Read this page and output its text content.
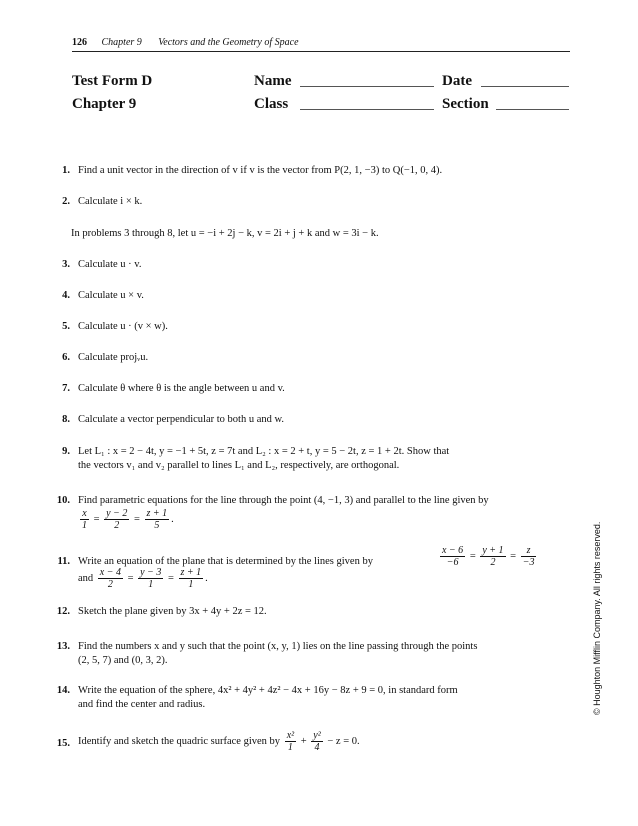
126 Chapter 9 Vectors and the Geometry of Space
Test Form D
Chapter 9
Name	Date
Class	Section
1. Find a unit vector in the direction of v if v is the vector from P(2, 1, −3) to Q(−1, 0, 4).
2. Calculate i × k.
In problems 3 through 8, let u = −i + 2j − k, v = 2i + j + k and w = 3i − k.
3. Calculate u · v.
4. Calculate u × v.
5. Calculate u · (v × w).
6. Calculate projᵥu.
7. Calculate θ where θ is the angle between u and v.
8. Calculate a vector perpendicular to both u and w.
9. Let L₁ : x = 2 − 4t, y = −1 + 5t, z = 7t and L₂ : x = 2 + t, y = 5 − 2t, z = 1 + 2t. Show that
the vectors v₁ and v₂ parallel to lines L₁ and L₂, respectively, are orthogonal.
10. Find parametric equations for the line through the point (4, −1, 3) and parallel to the line given by
$\frac{x}{1} = \frac{y - 2}{2} = \frac{z + 1}{5}$ .
11. Write an equation of the plane that is determined by the lines given by	$\frac{x - 6}{-6} = \frac{y + 1}{2} = \frac{z}{-3}$
and $\frac{x - 4}{2} = \frac{y - 3}{1} = \frac{z + 1}{1}$ .
12. Sketch the plane given by 3x + 4y + 2z = 12.
13. Find the numbers x and y such that the point (x, y, 1) lies on the line passing through the points
(2, 5, 7) and (0, 3, 2).
14. Write the equation of the sphere, 4x² + 4y² + 4z² − 4x + 16y − 8z + 9 = 0, in standard form
and find the center and radius.
15. Identify and sketch the quadric surface given by $\frac{\text{x²}}{1} + \frac{\text{y²}}{4} - z = 0$.
© Houghton Mifflin Company. All rights reserved.
